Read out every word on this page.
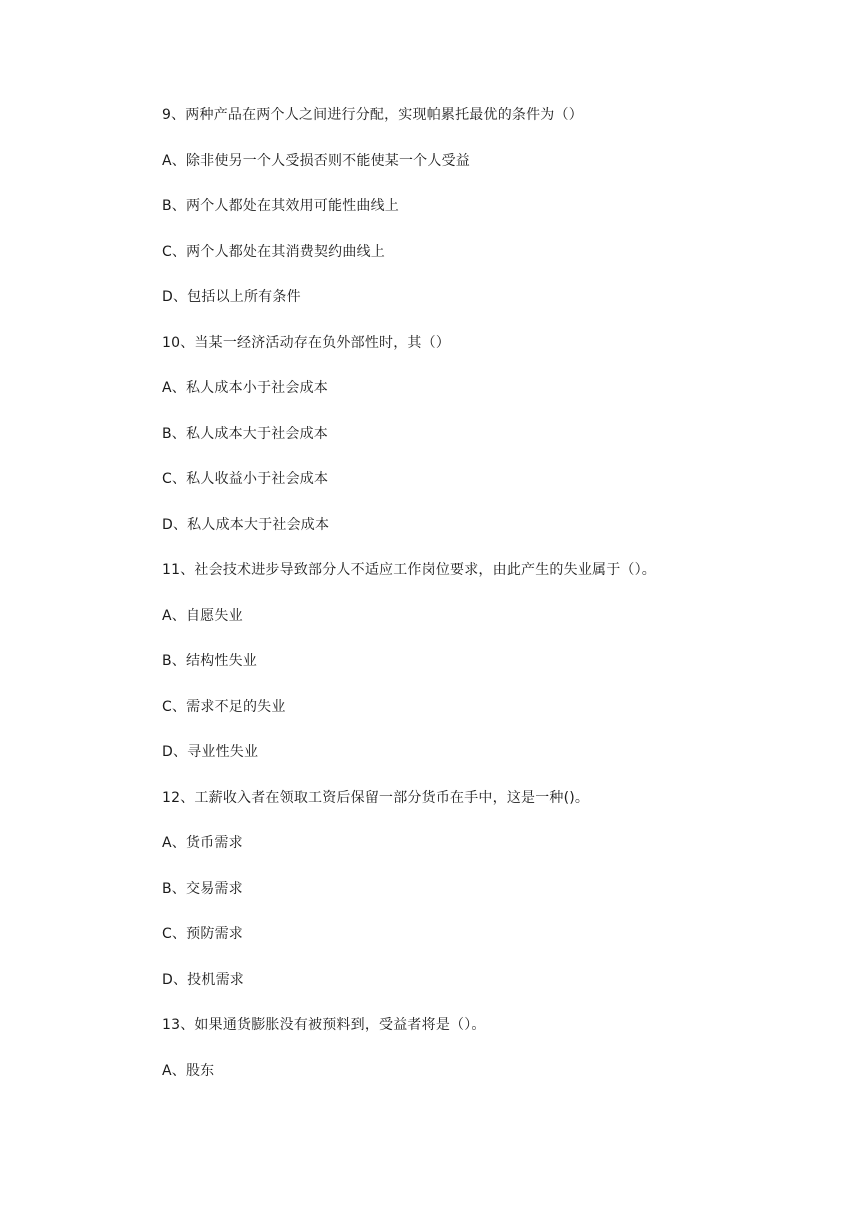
9、两种产品在两个人之间进行分配，实现帕累托最优的条件为（）
A、除非使另一个人受损否则不能使某一个人受益
B、两个人都处在其效用可能性曲线上
C、两个人都处在其消费契约曲线上
D、包括以上所有条件
10、当某一经济活动存在负外部性时，其（）
A、私人成本小于社会成本
B、私人成本大于社会成本
C、私人收益小于社会成本
D、私人成本大于社会成本
11、社会技术进步导致部分人不适应工作岗位要求，由此产生的失业属于（）。
A、自愿失业
B、结构性失业
C、需求不足的失业
D、寻业性失业
12、工薪收入者在领取工资后保留一部分货币在手中，这是一种()。
A、货币需求
B、交易需求
C、预防需求
D、投机需求
13、如果通货膨胀没有被预料到，受益者将是（）。
A、股东
